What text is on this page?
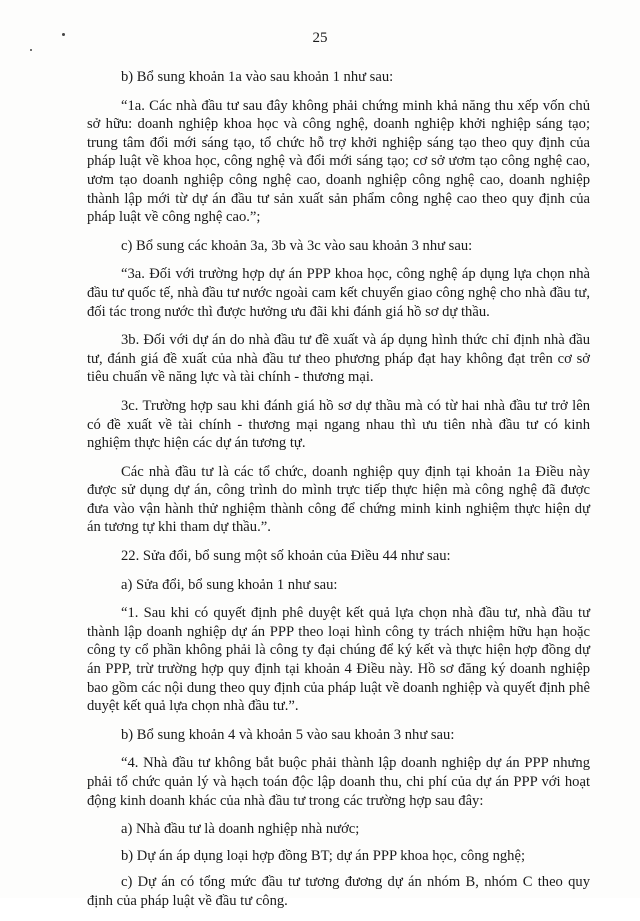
25

b) Bổ sung khoản 1a vào sau khoản 1 như sau:

“1a. Các nhà đầu tư sau đây không phải chứng minh khả năng thu xếp vốn chủ sở hữu: doanh nghiệp khoa học và công nghệ, doanh nghiệp khởi nghiệp sáng tạo; trung tâm đổi mới sáng tạo, tổ chức hỗ trợ khởi nghiệp sáng tạo theo quy định của pháp luật về khoa học, công nghệ và đổi mới sáng tạo; cơ sở ươm tạo công nghệ cao, ươm tạo doanh nghiệp công nghệ cao, doanh nghiệp công nghệ cao, doanh nghiệp thành lập mới từ dự án đầu tư sản xuất sản phẩm công nghệ cao theo quy định của pháp luật về công nghệ cao.”;

c) Bổ sung các khoản 3a, 3b và 3c vào sau khoản 3 như sau:

“3a. Đối với trường hợp dự án PPP khoa học, công nghệ áp dụng lựa chọn nhà đầu tư quốc tế, nhà đầu tư nước ngoài cam kết chuyển giao công nghệ cho nhà đầu tư, đối tác trong nước thì được hưởng ưu đãi khi đánh giá hồ sơ dự thầu.

3b. Đối với dự án do nhà đầu tư đề xuất và áp dụng hình thức chỉ định nhà đầu tư, đánh giá đề xuất của nhà đầu tư theo phương pháp đạt hay không đạt trên cơ sở tiêu chuẩn về năng lực và tài chính - thương mại.

3c. Trường hợp sau khi đánh giá hồ sơ dự thầu mà có từ hai nhà đầu tư trở lên có đề xuất về tài chính - thương mại ngang nhau thì ưu tiên nhà đầu tư có kinh nghiệm thực hiện các dự án tương tự.

Các nhà đầu tư là các tổ chức, doanh nghiệp quy định tại khoản 1a Điều này được sử dụng dự án, công trình do mình trực tiếp thực hiện mà công nghệ đã được đưa vào vận hành thử nghiệm thành công để chứng minh kinh nghiệm thực hiện dự án tương tự khi tham dự thầu.”.

22. Sửa đổi, bổ sung một số khoản của Điều 44 như sau:

a) Sửa đổi, bổ sung khoản 1 như sau:

“1. Sau khi có quyết định phê duyệt kết quả lựa chọn nhà đầu tư, nhà đầu tư thành lập doanh nghiệp dự án PPP theo loại hình công ty trách nhiệm hữu hạn hoặc công ty cổ phần không phải là công ty đại chúng để ký kết và thực hiện hợp đồng dự án PPP, trừ trường hợp quy định tại khoản 4 Điều này. Hồ sơ đăng ký doanh nghiệp bao gồm các nội dung theo quy định của pháp luật về doanh nghiệp và quyết định phê duyệt kết quả lựa chọn nhà đầu tư.”.

b) Bổ sung khoản 4 và khoản 5 vào sau khoản 3 như sau:

“4. Nhà đầu tư không bắt buộc phải thành lập doanh nghiệp dự án PPP nhưng phải tổ chức quản lý và hạch toán độc lập doanh thu, chi phí của dự án PPP với hoạt động kinh doanh khác của nhà đầu tư trong các trường hợp sau đây:

a) Nhà đầu tư là doanh nghiệp nhà nước;

b) Dự án áp dụng loại hợp đồng BT; dự án PPP khoa học, công nghệ;

c) Dự án có tổng mức đầu tư tương đương dự án nhóm B, nhóm C theo quy định của pháp luật về đầu tư công.
